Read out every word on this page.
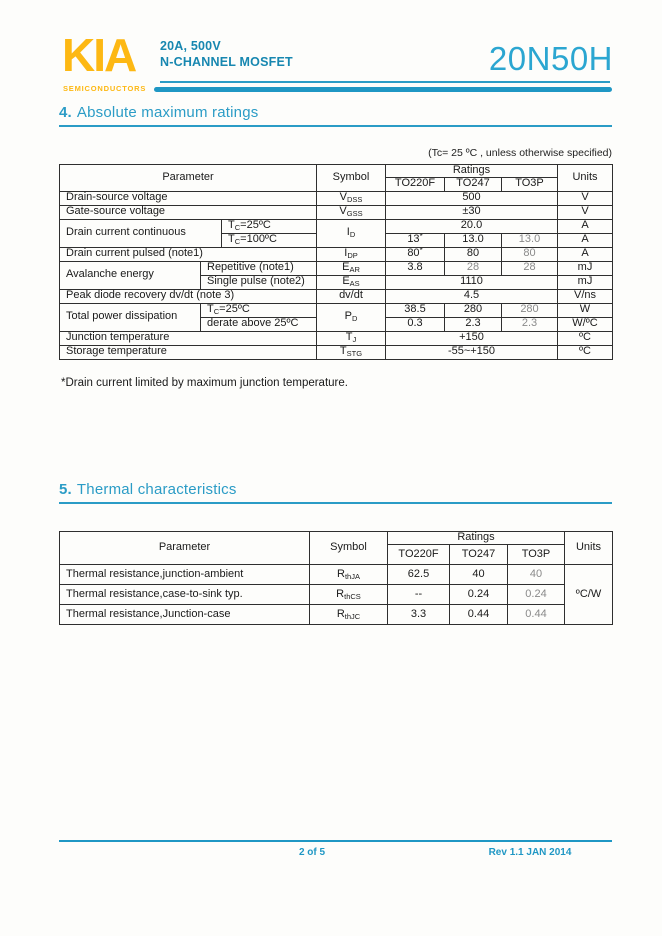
KIA
SEMICONDUCTORS
20A, 500V
N-CHANNEL MOSFET	20N50H
4. Absolute maximum ratings
(Tc= 25 ºC , unless otherwise specified)
Parameter			Symbol	Ratings			Units
				TO220F	TO247	TO3P	
Drain-source voltage			$V_{DSS}$	500			V
Gate-source voltage			$V_{GSS}$	±30			V
Drain current continuous		$T_C=25ºC$	$I_D$	20.0			A
		$T_C=100ºC$		13*	13.0	13.0	A
Drain current pulsed (note1)			$I_{DP}$	80*	80	80	A
Avalanche energy	Repetitive (note1)		$E_{AR}$	3.8	28	28	mJ
	Single pulse (note2)		$E_{AS}$	1110			mJ
Peak diode recovery dv/dt (note 3)			dv/dt	4.5			V/ns
Total power dissipation	$T_C=25ºC$		$P_D$	38.5	280	280	W
	derate above 25ºC			0.3	2.3	2.3	W/ºC
Junction temperature			$T_J$	+150			ºC
Storage temperature			$T_{STG}$	-55~+150			ºC
*Drain current limited by maximum junction temperature.
5. Thermal characteristics
Parameter	Symbol	Ratings			Units
		TO220F	TO247	TO3P	
Thermal resistance,junction-ambient	$R_{thJA}$	62.5	40	40	ºC/W
Thermal resistance,case-to-sink typ.	$R_{thCS}$	--	0.24	0.24	
Thermal resistance,Junction-case	$R_{thJC}$	3.3	0.44	0.44	
2 of 5	Rev 1.1 JAN 2014
